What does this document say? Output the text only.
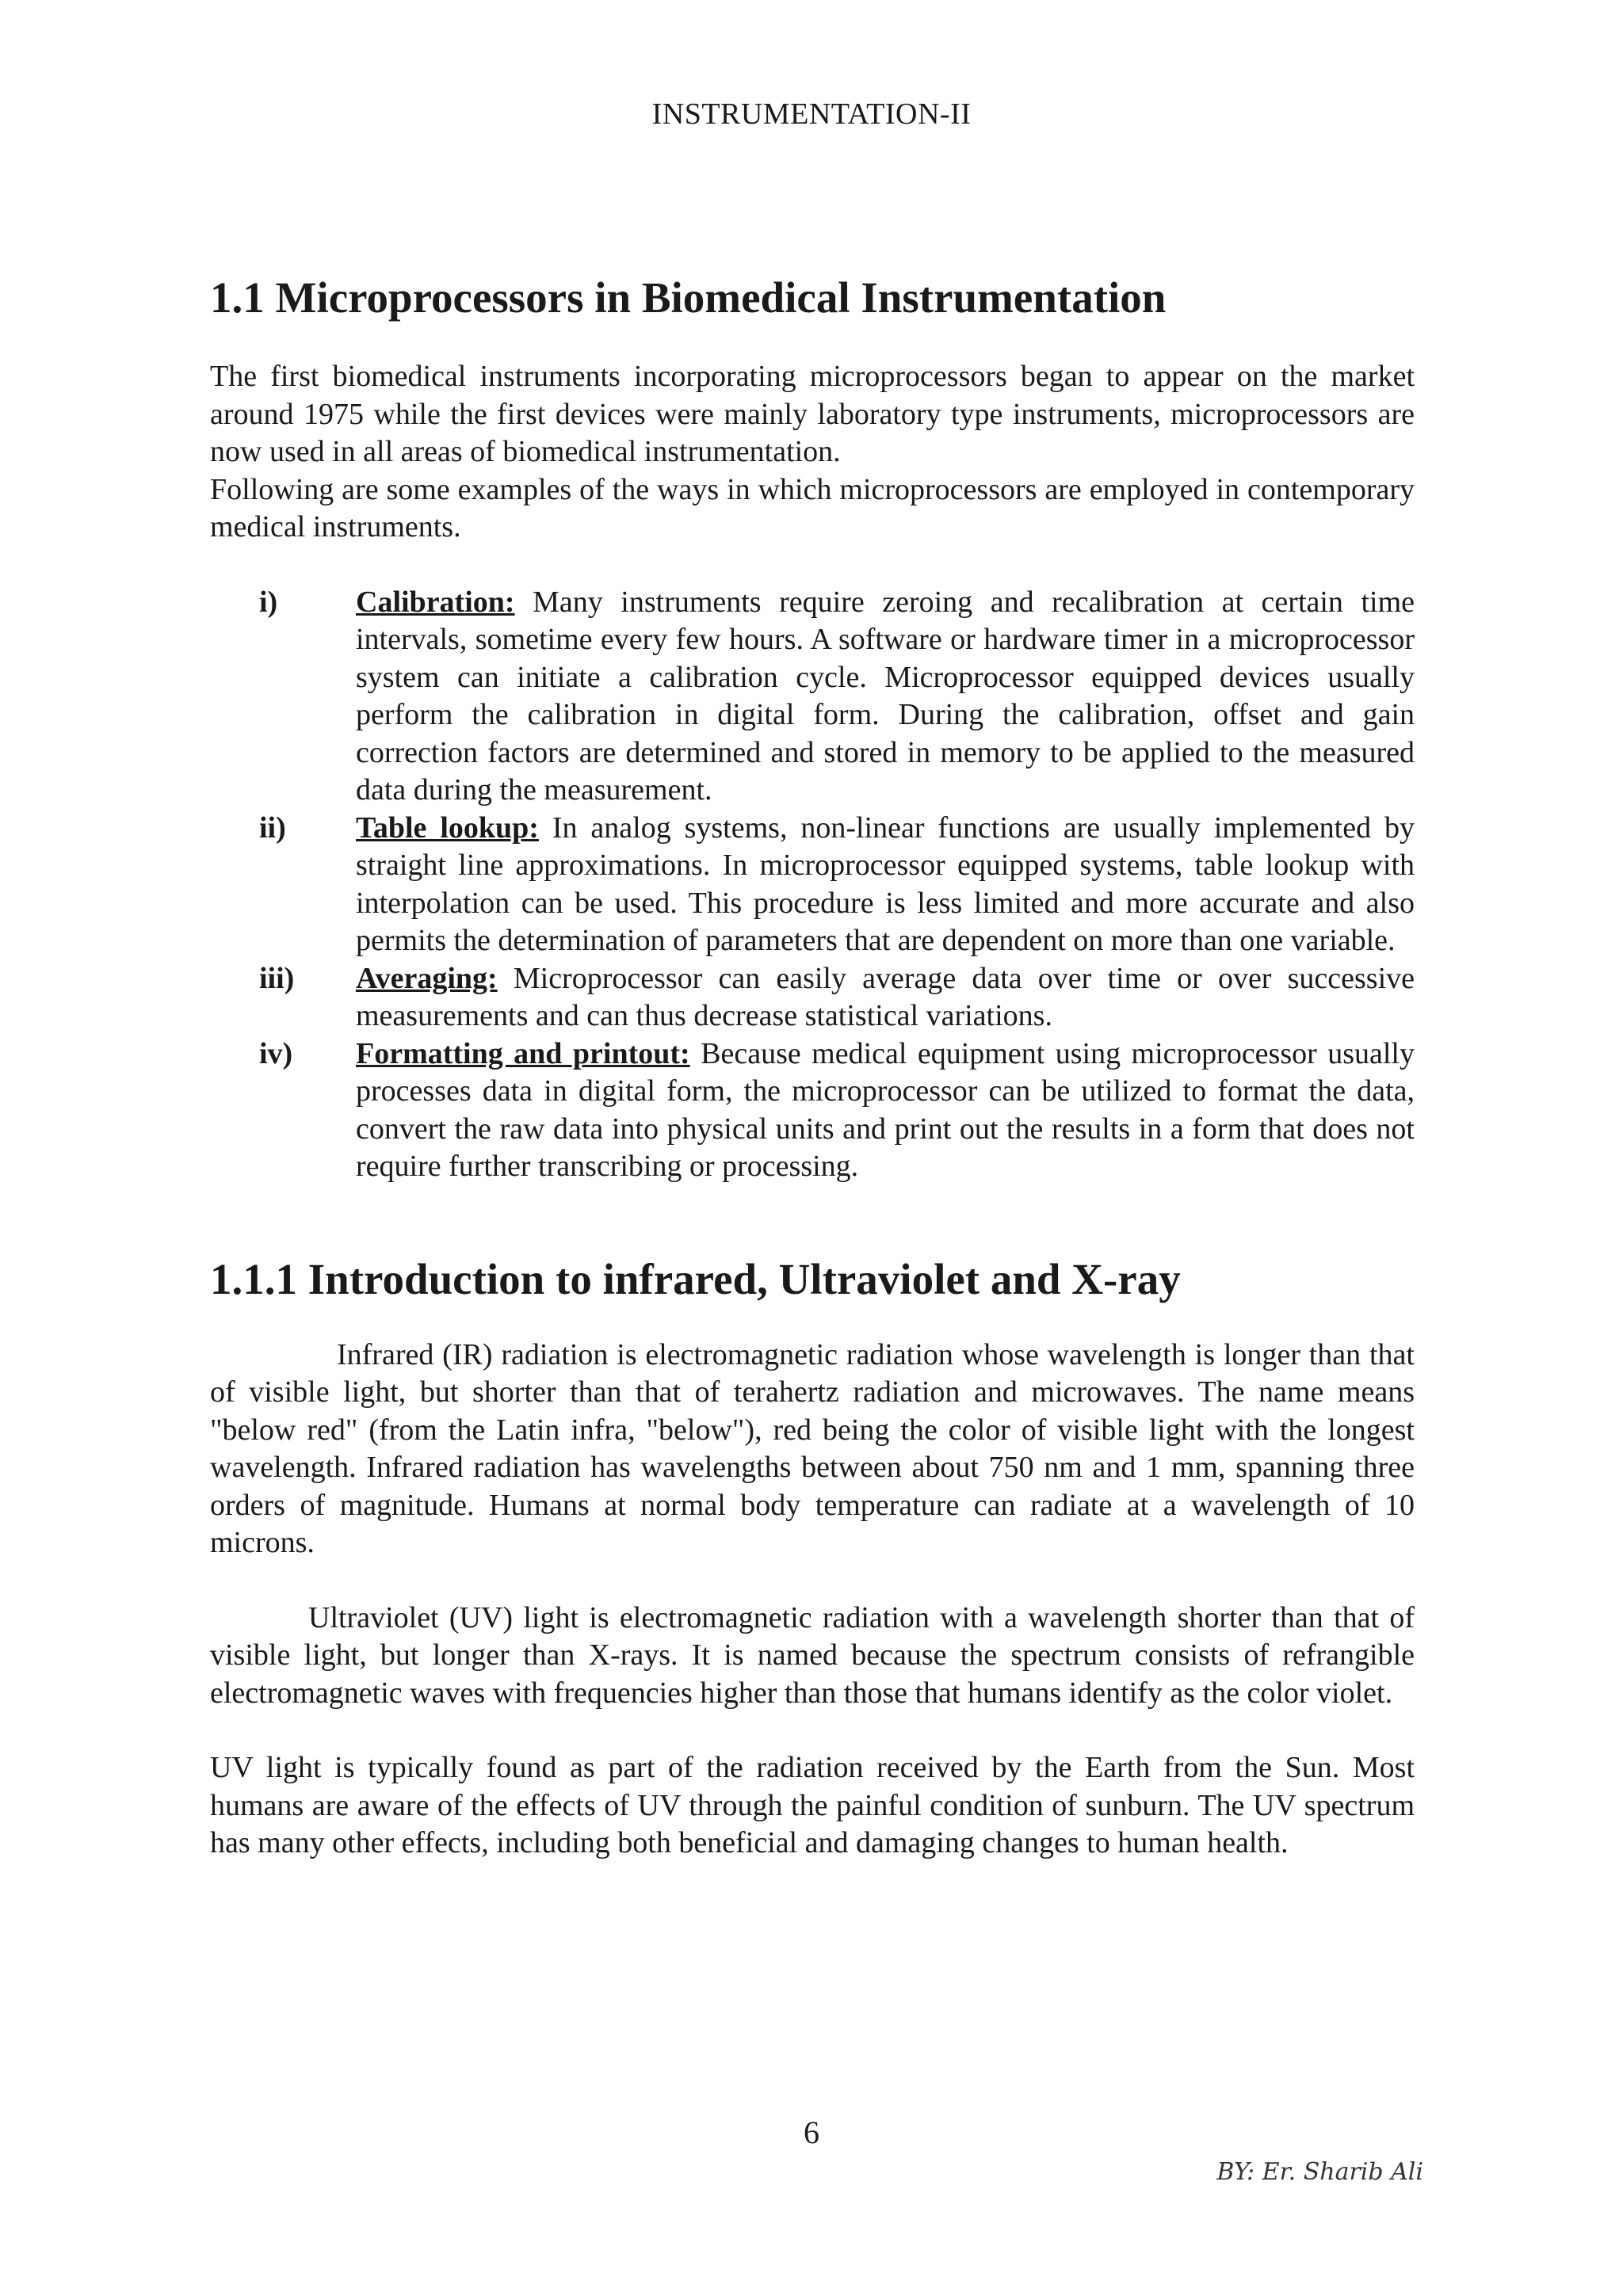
INSTRUMENTATION-II
1.1 Microprocessors in Biomedical Instrumentation

The first biomedical instruments incorporating microprocessors began to appear on the market around 1975 while the first devices were mainly laboratory type instruments, microprocessors are now used in all areas of biomedical instrumentation.

Following are some examples of the ways in which microprocessors are employed in contemporary medical instruments.

i)	Calibration: Many instruments require zeroing and recalibration at certain time intervals, sometime every few hours. A software or hardware timer in a microprocessor system can initiate a calibration cycle. Microprocessor equipped devices usually perform the calibration in digital form. During the calibration, offset and gain correction factors are determined and stored in memory to be applied to the measured data during the measurement.
ii)	Table lookup: In analog systems, non-linear functions are usually implemented by straight line approximations. In microprocessor equipped systems, table lookup with interpolation can be used. This procedure is less limited and more accurate and also permits the determination of parameters that are dependent on more than one variable.
iii)	Averaging: Microprocessor can easily average data over time or over successive measurements and can thus decrease statistical variations.
iv)	Formatting and printout: Because medical equipment using microprocessor usually processes data in digital form, the microprocessor can be utilized to format the data, convert the raw data into physical units and print out the results in a form that does not require further transcribing or processing.
1.1.1 Introduction to infrared, Ultraviolet and X-ray

Infrared (IR) radiation is electromagnetic radiation whose wavelength is longer than that of visible light, but shorter than that of terahertz radiation and microwaves. The name means "below red" (from the Latin infra, "below"), red being the color of visible light with the longest wavelength. Infrared radiation has wavelengths between about 750 nm and 1 mm, spanning three orders of magnitude. Humans at normal body temperature can radiate at a wavelength of 10 microns.

Ultraviolet (UV) light is electromagnetic radiation with a wavelength shorter than that of visible light, but longer than X-rays. It is named because the spectrum consists of refrangible electromagnetic waves with frequencies higher than those that humans identify as the color violet.

UV light is typically found as part of the radiation received by the Earth from the Sun. Most humans are aware of the effects of UV through the painful condition of sunburn. The UV spectrum has many other effects, including both beneficial and damaging changes to human health.

6
BY: Er. Sharib Ali
